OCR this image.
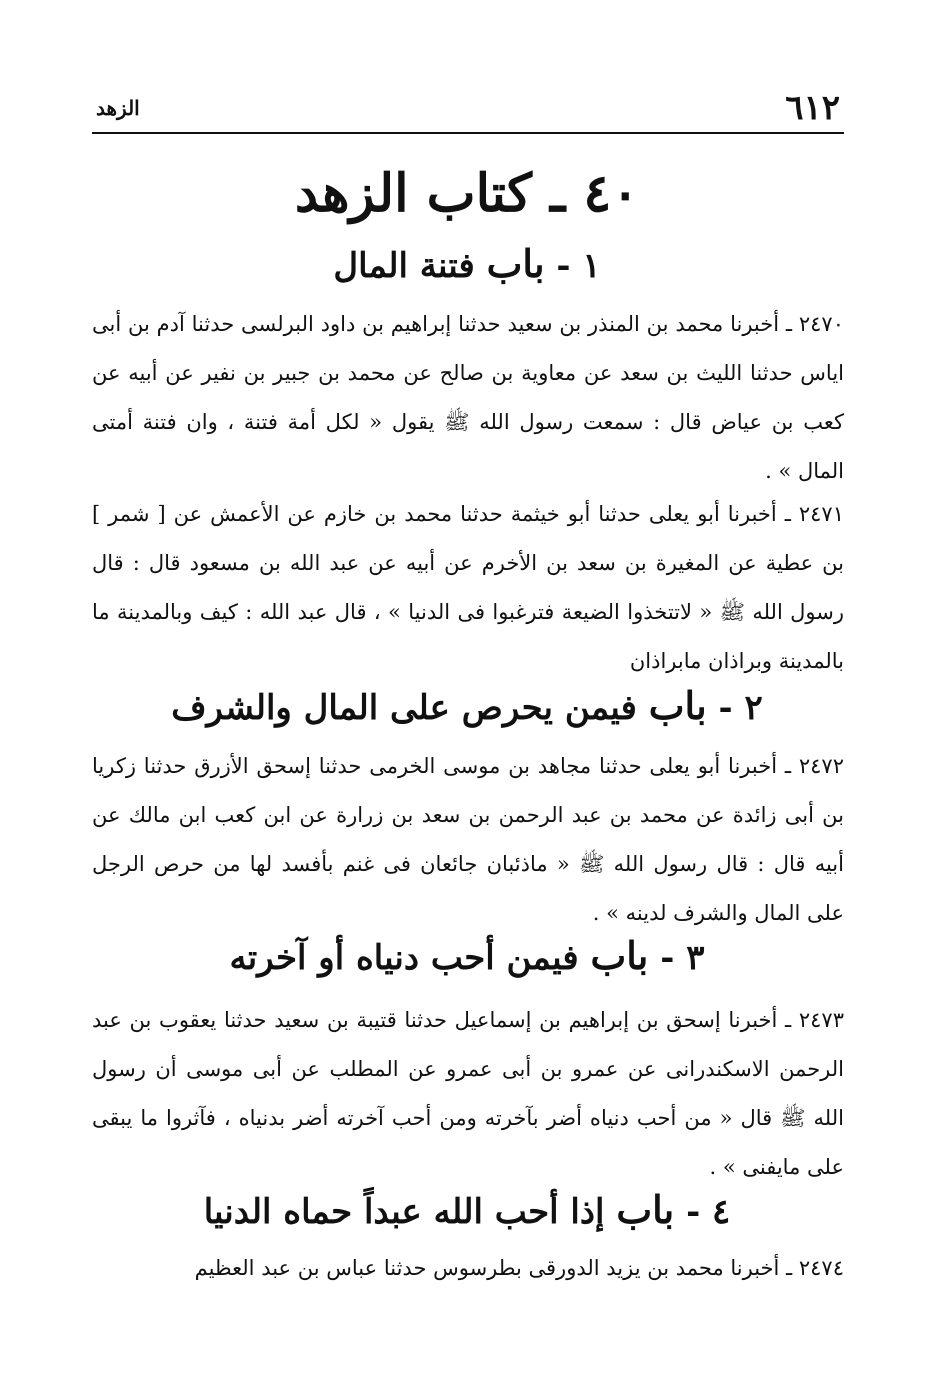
٦١٢
الزهد
٤٠ ـ كتاب الزهد
١ - باب فتنة المال

٢٤٧٠ ـ أخبرنا محمد بن المنذر بن سعيد حدثنا إبراهيم بن داود البرلسى حدثنا آدم بن أبى اياس حدثنا الليث بن سعد عن معاوية بن صالح عن محمد بن جبير بن نفير عن أبيه عن كعب بن عياض قال : سمعت رسول الله ﷺ يقول « لكل أمة فتنة ، وان فتنة أمتى المال » .

٢٤٧١ ـ أخبرنا أبو يعلى حدثنا أبو خيثمة حدثنا محمد بن خازم عن الأعمش عن [ شمر ] بن عطية عن المغيرة بن سعد بن الأخرم عن أبيه عن عبد الله بن مسعود قال : قال رسول الله ﷺ « لاتتخذوا الضيعة فترغبوا فى الدنيا » ، قال عبد الله : كيف وبالمدينة ما بالمدينة وبراذان مابراذان

٢ - باب فيمن يحرص على المال والشرف

٢٤٧٢ ـ أخبرنا أبو يعلى حدثنا مجاهد بن موسى الخرمى حدثنا إسحق الأزرق حدثنا زكريا بن أبى زائدة عن محمد بن عبد الرحمن بن سعد بن زرارة عن ابن كعب ابن مالك عن أبيه قال : قال رسول الله ﷺ « ماذئبان جائعان فى غنم بأفسد لها من حرص الرجل على المال والشرف لدينه » .

٣ - باب فيمن أحب دنياه أو آخرته

٢٤٧٣ ـ أخبرنا إسحق بن إبراهيم بن إسماعيل حدثنا قتيبة بن سعيد حدثنا يعقوب بن عبد الرحمن الاسكندرانى عن عمرو بن أبى عمرو عن المطلب عن أبى موسى أن رسول الله ﷺ قال « من أحب دنياه أضر بآخرته ومن أحب آخرته أضر بدنياه ، فآثروا ما يبقى على مايفنى » .

٤ - باب إذا أحب الله عبداً حماه الدنيا

٢٤٧٤ ـ أخبرنا محمد بن يزيد الدورقى بطرسوس حدثنا عباس بن عبد العظيم
